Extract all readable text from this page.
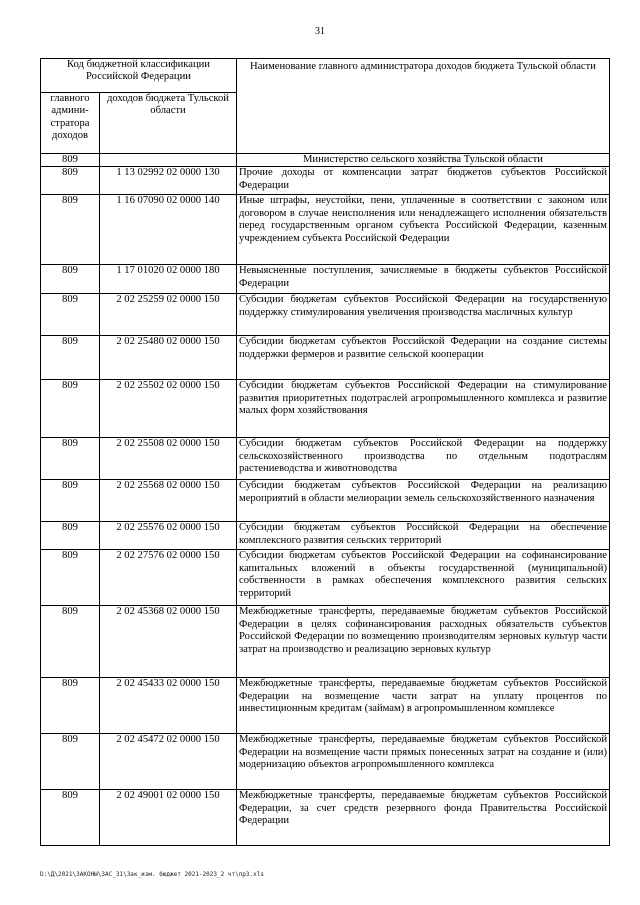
31
Код бюджетной классификации Российской Федерации		Наименование главного администратора доходов бюджета Тульской области
главного админи-стратора доходов	доходов бюджета Тульской области	
809		Министерство сельского хозяйства Тульской области
809	1 13 02992 02 0000 130	Прочие доходы от компенсации затрат бюджетов субъектов Российской Федерации
809	1 16 07090 02 0000 140	Иные штрафы, неустойки, пени, уплаченные в соответствии с законом или договором в случае неисполнения или ненадлежащего исполнения обязательств перед государственным органом субъекта Российской Федерации, казенным учреждением субъекта Российской Федерации
809	1 17 01020 02 0000 180	Невыясненные поступления, зачисляемые в бюджеты субъектов Российской Федерации
809	2 02 25259 02 0000 150	Субсидии бюджетам субъектов Российской Федерации на государственную поддержку стимулирования увеличения производства масличных культур
809	2 02 25480 02 0000 150	Субсидии бюджетам субъектов Российской Федерации на создание системы поддержки фермеров и развитие сельской кооперации
809	2 02 25502 02 0000 150	Субсидии бюджетам субъектов Российской Федерации на стимулирование развития приоритетных подотраслей агропромышленного комплекса и развитие малых форм хозяйствования
809	2 02 25508 02 0000 150	Субсидии бюджетам субъектов Российской Федерации на поддержку сельскохозяйственного производства по отдельным подотраслям растениеводства и животноводства
809	2 02 25568 02 0000 150	Субсидии бюджетам субъектов Российской Федерации на реализацию мероприятий в области мелиорации земель сельскохозяйственного назначения
809	2 02 25576 02 0000 150	Субсидии бюджетам субъектов Российской Федерации на обеспечение комплексного развития сельских территорий
809	2 02 27576 02 0000 150	Субсидии бюджетам субъектов Российской Федерации на софинансирование капитальных вложений в объекты государственной (муниципальной) собственности в рамках обеспечения комплексного развития сельских территорий
809	2 02 45368 02 0000 150	Межбюджетные трансферты, передаваемые бюджетам субъектов Российской Федерации в целях софинансирования расходных обязательств субъектов Российской Федерации по возмещению производителям зерновых культур части затрат на производство и реализацию зерновых культур
809	2 02 45433 02 0000 150	Межбюджетные трансферты, передаваемые бюджетам субъектов Российской Федерации на возмещение части затрат на уплату процентов по инвестиционным кредитам (займам) в агропромышленном комплексе
809	2 02 45472 02 0000 150	Межбюджетные трансферты, передаваемые бюджетам субъектов Российской Федерации на возмещение части прямых понесенных затрат на создание и (или) модернизацию объектов агропромышленного комплекса
809	2 02 49001 02 0000 150	Межбюджетные трансферты, передаваемые бюджетам субъектов Российской Федерации, за счет средств резервного фонда Правительства Российской Федерации
D:\Д\2021\ЗАКОНЫ\ЗАС_31\Зак_изм. бюджет 2021-2023_2 чт\пр3.xls
